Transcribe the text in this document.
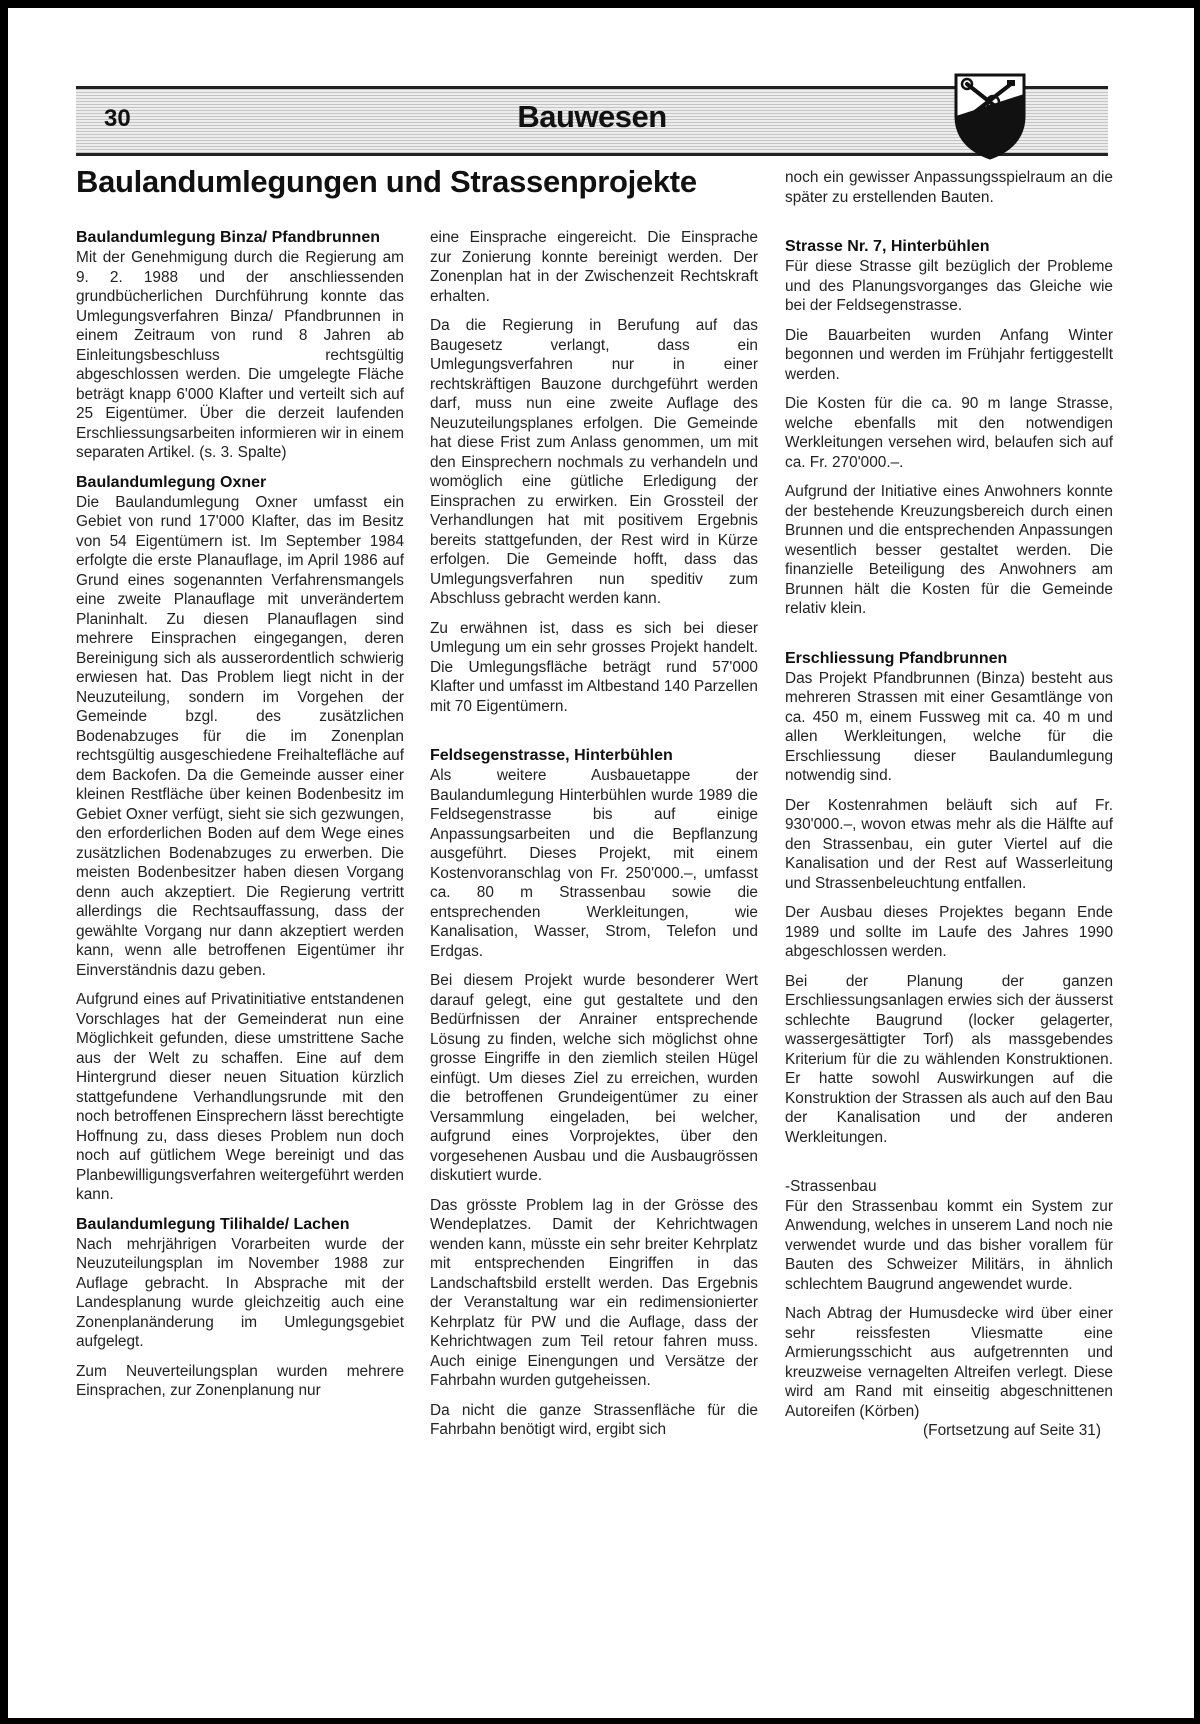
30	Bauwesen
Baulandumlegungen und Strassenprojekte
Baulandumlegung Binza/ Pfandbrunnen

Mit der Genehmigung durch die Regierung am 9. 2. 1988 und der anschliessenden grundbücherlichen Durchführung konnte das Umlegungsverfahren Binza/ Pfandbrunnen in einem Zeitraum von rund 8 Jahren ab Einleitungsbeschluss rechtsgültig abgeschlossen werden. Die umgelegte Fläche beträgt knapp 6'000 Klafter und verteilt sich auf 25 Eigentümer. Über die derzeit laufenden Erschliessungsarbeiten informieren wir in einem separaten Artikel. (s. 3. Spalte)

Baulandumlegung Oxner

Die Baulandumlegung Oxner umfasst ein Gebiet von rund 17'000 Klafter, das im Besitz von 54 Eigentümern ist. Im September 1984 erfolgte die erste Planauflage, im April 1986 auf Grund eines sogenannten Verfahrensmangels eine zweite Planauflage mit unverändertem Planinhalt. Zu diesen Planauflagen sind mehrere Einsprachen eingegangen, deren Bereinigung sich als ausserordentlich schwierig erwiesen hat. Das Problem liegt nicht in der Neuzuteilung, sondern im Vorgehen der Gemeinde bzgl. des zusätzlichen Bodenabzuges für die im Zonenplan rechtsgültig ausgeschiedene Freihaltefläche auf dem Backofen. Da die Gemeinde ausser einer kleinen Restfläche über keinen Bodenbesitz im Gebiet Oxner verfügt, sieht sie sich gezwungen, den erforderlichen Boden auf dem Wege eines zusätzlichen Bodenabzuges zu erwerben. Die meisten Bodenbesitzer haben diesen Vorgang denn auch akzeptiert. Die Regierung vertritt allerdings die Rechtsauffassung, dass der gewählte Vorgang nur dann akzeptiert werden kann, wenn alle betroffenen Eigentümer ihr Einverständnis dazu geben.

Aufgrund eines auf Privatinitiative entstandenen Vorschlages hat der Gemeinderat nun eine Möglichkeit gefunden, diese umstrittene Sache aus der Welt zu schaffen. Eine auf dem Hintergrund dieser neuen Situation kürzlich stattgefundene Verhandlungsrunde mit den noch betroffenen Einsprechern lässt berechtigte Hoffnung zu, dass dieses Problem nun doch noch auf gütlichem Wege bereinigt und das Planbewilligungsverfahren weitergeführt werden kann.

Baulandumlegung Tilihalde/ Lachen

Nach mehrjährigen Vorarbeiten wurde der Neuzuteilungsplan im November 1988 zur Auflage gebracht. In Absprache mit der Landesplanung wurde gleichzeitig auch eine Zonenplanänderung im Umlegungsgebiet aufgelegt.

Zum Neuverteilungsplan wurden mehrere Einsprachen, zur Zonenplanung nur

eine Einsprache eingereicht. Die Einsprache zur Zonierung konnte bereinigt werden. Der Zonenplan hat in der Zwischenzeit Rechtskraft erhalten.

Da die Regierung in Berufung auf das Baugesetz verlangt, dass ein Umlegungsverfahren nur in einer rechtskräftigen Bauzone durchgeführt werden darf, muss nun eine zweite Auflage des Neuzuteilungsplanes erfolgen. Die Gemeinde hat diese Frist zum Anlass genommen, um mit den Einsprechern nochmals zu verhandeln und womöglich eine gütliche Erledigung der Einsprachen zu erwirken. Ein Grossteil der Verhandlungen hat mit positivem Ergebnis bereits stattgefunden, der Rest wird in Kürze erfolgen. Die Gemeinde hofft, dass das Umlegungsverfahren nun speditiv zum Abschluss gebracht werden kann.

Zu erwähnen ist, dass es sich bei dieser Umlegung um ein sehr grosses Projekt handelt. Die Umlegungsfläche beträgt rund 57'000 Klafter und umfasst im Altbestand 140 Parzellen mit 70 Eigentümern.

Feldsegenstrasse, Hinterbühlen

Als weitere Ausbauetappe der Baulandumlegung Hinterbühlen wurde 1989 die Feldsegenstrasse bis auf einige Anpassungsarbeiten und die Bepflanzung ausgeführt. Dieses Projekt, mit einem Kostenvoranschlag von Fr. 250'000.–, umfasst ca. 80 m Strassenbau sowie die entsprechenden Werkleitungen, wie Kanalisation, Wasser, Strom, Telefon und Erdgas.

Bei diesem Projekt wurde besonderer Wert darauf gelegt, eine gut gestaltete und den Bedürfnissen der Anrainer entsprechende Lösung zu finden, welche sich möglichst ohne grosse Eingriffe in den ziemlich steilen Hügel einfügt. Um dieses Ziel zu erreichen, wurden die betroffenen Grundeigentümer zu einer Versammlung eingeladen, bei welcher, aufgrund eines Vorprojektes, über den vorgesehenen Ausbau und die Ausbaugrössen diskutiert wurde.

Das grösste Problem lag in der Grösse des Wendeplatzes. Damit der Kehrichtwagen wenden kann, müsste ein sehr breiter Kehrplatz mit entsprechenden Eingriffen in das Landschaftsbild erstellt werden. Das Ergebnis der Veranstaltung war ein redimensionierter Kehrplatz für PW und die Auflage, dass der Kehrichtwagen zum Teil retour fahren muss. Auch einige Einengungen und Versätze der Fahrbahn wurden gutgeheissen.

Da nicht die ganze Strassenfläche für die Fahrbahn benötigt wird, ergibt sich

noch ein gewisser Anpassungsspielraum an die später zu erstellenden Bauten.

Strasse Nr. 7, Hinterbühlen

Für diese Strasse gilt bezüglich der Probleme und des Planungsvorganges das Gleiche wie bei der Feldsegenstrasse.

Die Bauarbeiten wurden Anfang Winter begonnen und werden im Frühjahr fertiggestellt werden.

Die Kosten für die ca. 90 m lange Strasse, welche ebenfalls mit den notwendigen Werkleitungen versehen wird, belaufen sich auf ca. Fr. 270'000.–.

Aufgrund der Initiative eines Anwohners konnte der bestehende Kreuzungsbereich durch einen Brunnen und die entsprechenden Anpassungen wesentlich besser gestaltet werden. Die finanzielle Beteiligung des Anwohners am Brunnen hält die Kosten für die Gemeinde relativ klein.

Erschliessung Pfandbrunnen

Das Projekt Pfandbrunnen (Binza) besteht aus mehreren Strassen mit einer Gesamtlänge von ca. 450 m, einem Fussweg mit ca. 40 m und allen Werkleitungen, welche für die Erschliessung dieser Baulandumlegung notwendig sind.

Der Kostenrahmen beläuft sich auf Fr. 930'000.–, wovon etwas mehr als die Hälfte auf den Strassenbau, ein guter Viertel auf die Kanalisation und der Rest auf Wasserleitung und Strassenbeleuchtung entfallen.

Der Ausbau dieses Projektes begann Ende 1989 und sollte im Laufe des Jahres 1990 abgeschlossen werden.

Bei der Planung der ganzen Erschliessungsanlagen erwies sich der äusserst schlechte Baugrund (locker gelagerter, wassergesättigter Torf) als massgebendes Kriterium für die zu wählenden Konstruktionen. Er hatte sowohl Auswirkungen auf die Konstruktion der Strassen als auch auf den Bau der Kanalisation und der anderen Werkleitungen.

-Strassenbau

Für den Strassenbau kommt ein System zur Anwendung, welches in unserem Land noch nie verwendet wurde und das bisher vorallem für Bauten des Schweizer Militärs, in ähnlich schlechtem Baugrund angewendet wurde.

Nach Abtrag der Humusdecke wird über einer sehr reissfesten Vliesmatte eine Armierungsschicht aus aufgetrennten und kreuzweise vernagelten Altreifen verlegt. Diese wird am Rand mit einseitig abgeschnittenen Autoreifen (Körben)

(Fortsetzung auf Seite 31)
